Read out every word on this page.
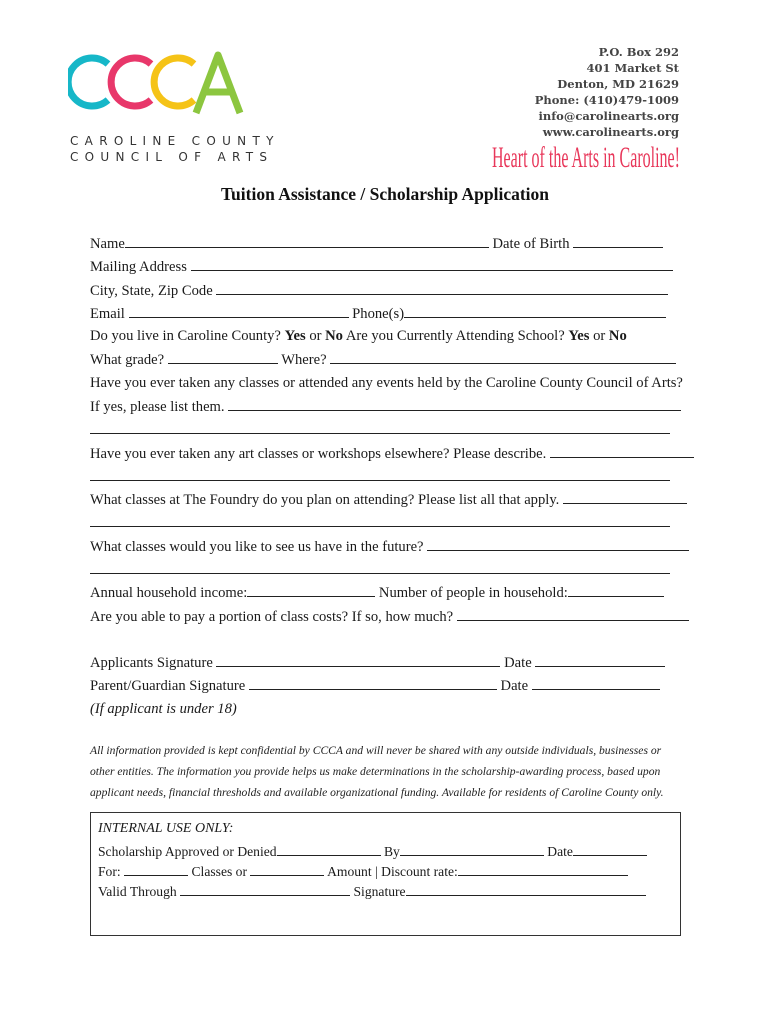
CAROLINE COUNTY
COUNCIL OF ARTS
P.O. Box 292
401 Market St
Denton, MD 21629
Phone: (410)479-1009
info@carolinearts.org
www.carolinearts.org
Heart of the Arts in Caroline!
Tuition Assistance / Scholarship Application
Name	Date of Birth
Mailing Address
City, State, Zip Code
Email	Phone(s)
Do you live in Caroline County? Yes or No Are you Currently Attending School? Yes or No
What grade?	Where?
Have you ever taken any classes or attended any events held by the Caroline County Council of Arts?
If yes, please list them.
Have you ever taken any art classes or workshops elsewhere? Please describe.
What classes at The Foundry do you plan on attending? Please list all that apply.
What classes would you like to see us have in the future?
Annual household income:	Number of people in household:
Are you able to pay a portion of class costs? If so, how much?
Applicants Signature	Date
Parent/Guardian Signature	Date
(If applicant is under 18)
All information provided is kept confidential by CCCA and will never be shared with any outside individuals, businesses or other entities. The information you provide helps us make determinations in the scholarship-awarding process, based upon applicant needs, financial thresholds and available organizational funding. Available for residents of Caroline County only.
INTERNAL USE ONLY:
Scholarship Approved or Denied	By	Date
For:	Classes or	Amount | Discount rate:
Valid Through	Signature
